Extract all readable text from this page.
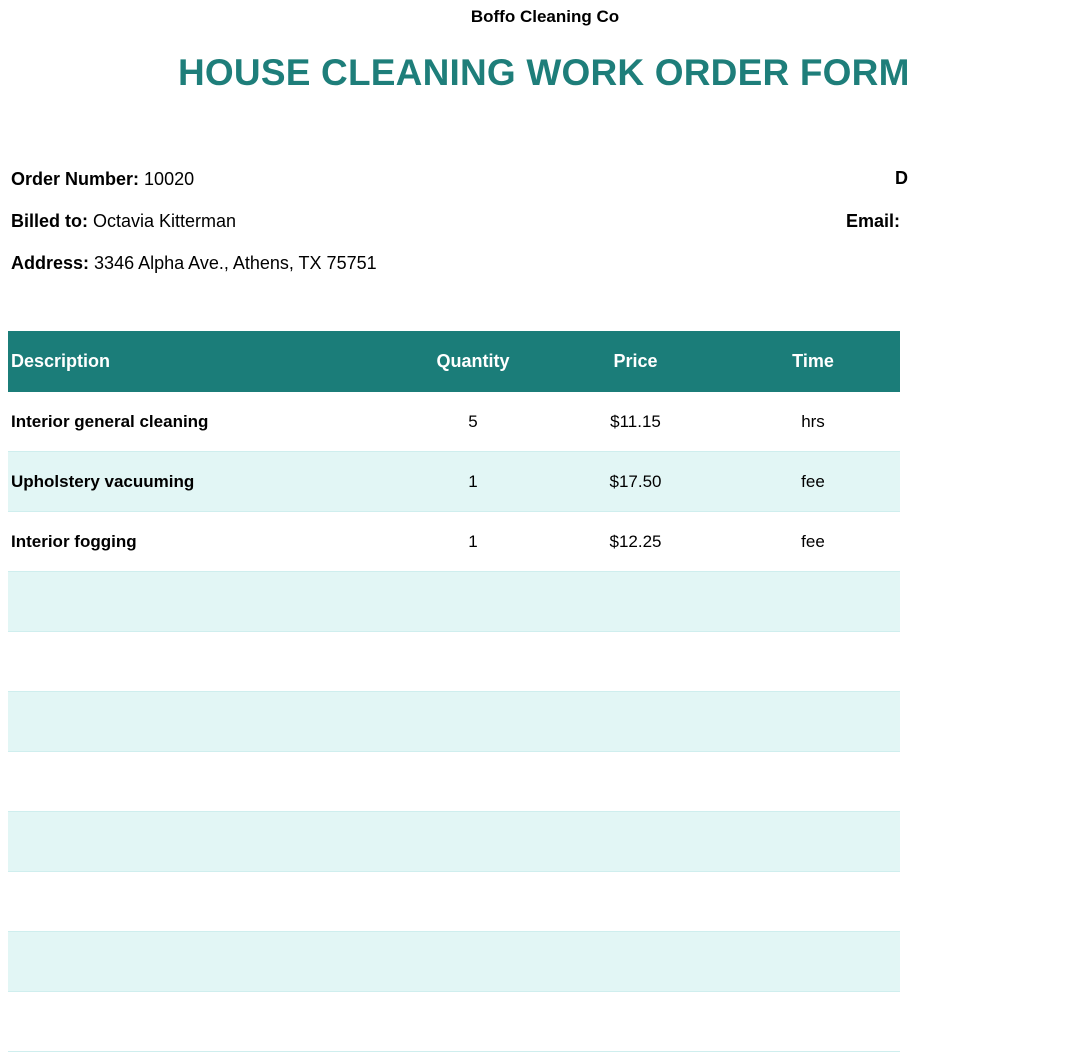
Boffo Cleaning Co
HOUSE CLEANING WORK ORDER FORM
Order Number: 10020	D
Billed to: Octavia Kitterman	Email:
Address: 3346 Alpha Ave., Athens, TX 75751
Description	Quantity	Price	Time
Interior general cleaning	5	$11.15	hrs
Upholstery vacuuming	1	$17.50	fee
Interior fogging	1	$12.25	fee
